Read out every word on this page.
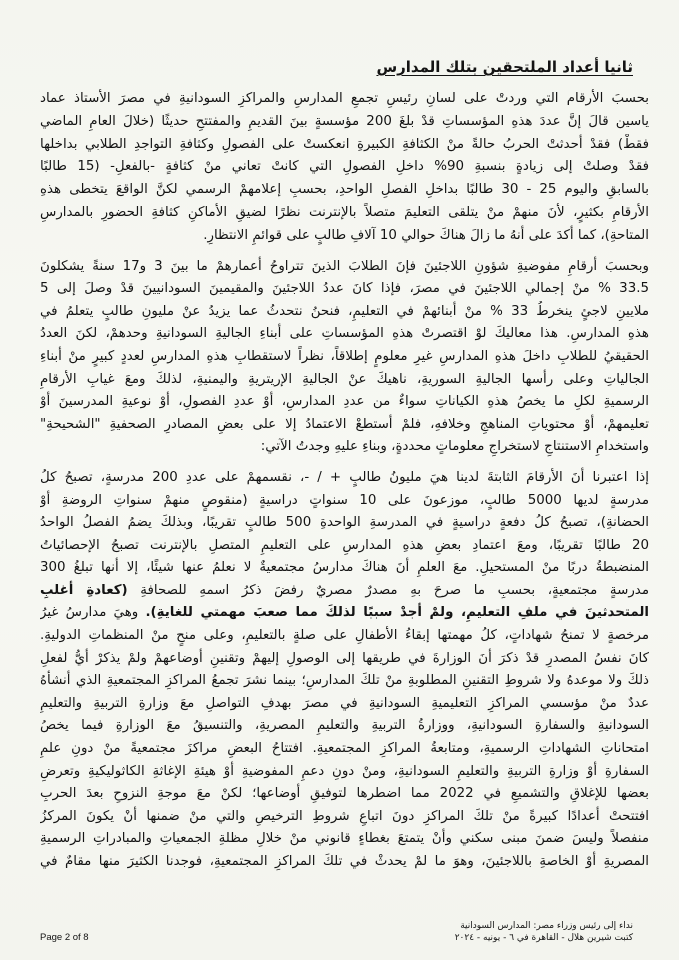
ثانيا أعداد الملتحقين بتلك المدارس
بحسبَ الأرقام التي وردتْ على لسانِ رئيسِ تجمعِ المدارسِ والمراكزِ السودانيةِ في مصرَ الأستاذ عماد
ياسين قالَ إنَّ عددَ هذهِ المؤسساتِ قدْ بلغَ 200 مؤسسةٍ بينَ القديمِ والمفتتحِ حديثًا (خلالَ العامِ الماضي
فقطْ) فقدْ أحدثتْ الحربُ حالةً منْ الكثافةِ الكبيرةِ انعكستْ على الفصولِ وكثافةِ التواجدِ الطلابي بداخلها
فقدْ وصلتْ إلى زيادةٍ بنسبةِ 90% داخلِ الفصولِ التي كانتْ تعاني منْ كثافةٍ -بالفعلِ- (15 طالبًا
بالسابقِ واليوم 25 - 30 طالبًا بداخلِ الفصلِ الواحدِ، بحسبِ إعلامهمْ الرسمي لكنَّ الواقعَ يتخطى هذهِ
الأرقامِ بكثيرٍ، لأنَ منهمْ منْ يتلقى التعليمَ متصلاً بالإنترنت نظرًا لضيقِ الأماكنِ كثافةِ الحضورِ بالمدارسِ
المتاحةِ)، كما أكدَ على أنهُ ما زالَ هناكَ حوالي 10 آلافِ طالبٍ على قوائمِ الانتظارِ.
وبحسبَ أرقامِ مفوضيةِ شؤونِ اللاجئينَ فإنَ الطلابَ الذينَ تتراوحُ أعمارهمْ ما بينَ 3 و17 سنةً يشكلونَ
33.5 % منْ إجمالي اللاجئينَ في مصرَ، فإذا كانَ عددُ اللاجئينَ والمقيمينَ السودانيينَ قدْ وصلَ إلى 5
ملايينِ لاجئٍ ينخرطُ 33 % منْ أبنائهمْ في التعليمِ، فنحنُ نتحدثُ عما يزيدُ عنْ مليونِ طالبٍ يتعلمُ في
هذهِ المدارسِ. هذا معاليكَ لوْ اقتصرتْ هذهِ المؤسساتِ على أبناءِ الجاليةِ السودانيةِ وحدهمْ، لكنَ العددُ
الحقيقيُ للطلابِ داخلَ هذهِ المدارسِ غيرِ معلومٍ إطلاقاً، نظراً لاستقطابِ هذهِ المدارسِ لعددٍ كبيرٍ منْ أبناءِ
الجالياتِ وعلى رأسها الجاليةِ السوريةِ، ناهيكَ عنْ الجاليةِ الإريتريةِ واليمنيةِ، لذلكَ ومعَ غيابِ الأرقامِ
الرسميةِ لكلِ ما يخصُ هذهِ الكياناتِ سواءٌ من عددِ المدارسِ، أوْ عددِ الفصولِ، أوْ نوعيةِ المدرسينَ أوْ
تعليمهمْ، أوْ محتوياتِ المناهجِ وخلافهِ، فلمْ أستطعْ الاعتمادُ إلا على بعضِ المصادرِ الصحفيةِ "الشحيحةِ"
واستخدامِ الاستنتاجِ لاستخراجِ معلوماتٍ محددةٍ، وبناءِ عليهِ وجدتُ الآتي:
إذا اعتبرنا أنَ الأرقامَ الثابتةَ لدينا هيَ مليونُ طالبٍ + / -، نقسمهمْ على عددِ 200 مدرسةٍ، تصبحُ كلُ
مدرسةٍ لديها 5000 طالبٍ، موزعونَ على 10 سنواتٍ دراسيةٍ (منقوصٍ منهمْ سنواتِ الروضةِ أوْ
الحضانةِ)، تصبحُ كلُ دفعةٍ دراسيةٍ في المدرسةِ الواحدةِ 500 طالبٍ تقريبًا، وبذلكَ يضمُ الفصلُ الواحدُ
20 طالبًا تقريبًا، ومعَ اعتمادِ بعضِ هذهِ المدارسِ على التعليمِ المتصلِ بالإنترنت تصبحُ الإحصائياتُ
المنضبطةُ دربًا منْ المستحيلِ. معَ العلمِ أنَ هناكَ مدارسُ مجتمعيةٌ لا نعلمُ عنها شيئًا، إلا أنها تبلغُ 300
مدرسةٍ مجتمعيةٍ، بحسبِ ما صرحَ بهِ مصدرٌ مصريٌ رفضَ ذكرُ اسمهِ للصحافةِ (كعادةِ أغلبِ
المتحدثينَ في ملفِ التعليمِ، ولمْ أجدْ سببًا لذلكَ مما صعبَ مهمتي للغايةِ). وهيَ مدارسُ غيرُ
مرخصةٍ لا تمنحُ شهاداتٍ، كلُ مهمتها إبقاءُ الأطفالِ على صلةٍ بالتعليمِ، وعلى منحٍ منْ المنظماتِ الدوليةِ.
كانَ نفسُ المصدرِ قدْ ذكرَ أنَ الوزارةَ في طريقها إلى الوصولِ إليهمْ وتقنينِ أوضاعهمْ ولمْ يذكرْ أيُّ لفعلِ
ذلكَ ولا موعدهُ ولا شروطِ التقنينِ المطلوبةِ منْ تلكَ المدارسِ؛ بينما نشرَ تجمعُ المراكزِ المجتمعيةِ الذي أنشأهُ
عددٌ منْ مؤسسي المراكزِ التعليميةِ السودانيةِ في مصرَ بهدفِ التواصلِ معَ وزارةِ التربيةِ والتعليمِ
السودانيةِ والسفارةِ السودانيةِ، ووزارةُ التربيةِ والتعليمِ المصريةِ، والتنسيقُ معَ الوزارةِ فيما يخصُ
امتحاناتِ الشهاداتِ الرسميةِ، ومتابعةُ المراكزِ المجتمعيةِ. افتتاحُ البعضِ مراكزَ مجتمعيةً منْ دونِ علمِ
السفارةِ أوْ وزارةِ التربيةِ والتعليمِ السودانيةِ، ومنْ دونِ دعمِ المفوضيةِ أوْ هيئةِ الإغاثةِ الكاثوليكيةِ وتعرضِ
بعضها للإغلاقِ والتشميعِ في 2022 مما اضطرها لتوفيقِ أوضاعها؛ لكنْ معَ موجةِ النزوحِ بعدَ الحربِ
افتتحتْ أعدادًا كبيرةً منْ تلكَ المراكزِ دونَ اتباعِ شروطِ الترخيصِ والتي منْ ضمنها أنْ يكونَ المركزُ
منفصلاً وليسَ ضمنَ مبنى سكني وأنْ يتمتعَ بغطاءٍ قانوني منْ خلالِ مظلةِ الجمعياتِ والمبادراتِ الرسميةِ
المصريةِ أوْ الخاصةِ باللاجئينَ، وهوَ ما لمْ يحدثْ في تلكَ المراكزِ المجتمعيةِ، فوجدنا الكثيرَ منها مقامٌ في
نداء إلى رئيس وزراء مصر: المدارس السودانية
كتبت شيرين هلال - القاهرة في ٦ - يونيه - ٢٠٢٤
Page 2 of 8
